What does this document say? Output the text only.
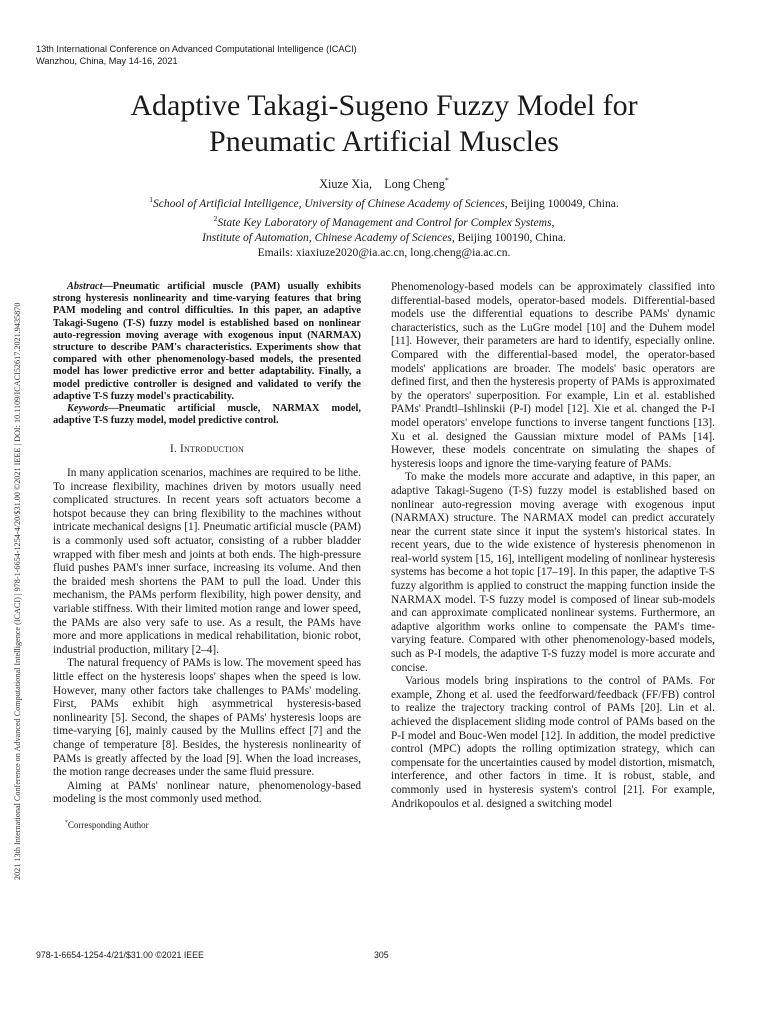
13th International Conference on Advanced Computational Intelligence (ICACI)
Wanzhou, China, May 14-16, 2021
Adaptive Takagi-Sugeno Fuzzy Model for
Pneumatic Artificial Muscles
Xiuze Xia, Long Cheng*
$^1$School of Artificial Intelligence, University of Chinese Academy of Sciences, Beijing 100049, China.
$^2$State Key Laboratory of Management and Control for Complex Systems,
Institute of Automation, Chinese Academy of Sciences, Beijing 100190, China.
Emails: xiaxiuze2020@ia.ac.cn, long.cheng@ia.ac.cn.
2021 13th International Conference on Advanced Computational Intelligence (ICACI) | 978-1-6654-1254-4/20/$31.00 ©2021 IEEE | DOI: 10.1109/ICACI52617.2021.9435870

Abstract—Pneumatic artificial muscle (PAM) usually exhibits strong hysteresis nonlinearity and time-varying features that bring PAM modeling and control difficulties. In this paper, an adaptive Takagi-Sugeno (T-S) fuzzy model is established based on nonlinear auto-regression moving average with exogenous input (NARMAX) structure to describe PAM's characteristics. Experiments show that compared with other phenomenology-based models, the presented model has lower predictive error and better adaptability. Finally, a model predictive controller is designed and validated to verify the adaptive T-S fuzzy model's practicability.

Keywords—Pneumatic artificial muscle, NARMAX model, adaptive T-S fuzzy model, model predictive control.

I. Introduction

In many application scenarios, machines are required to be lithe. To increase flexibility, machines driven by motors usually need complicated structures. In recent years soft actuators become a hotspot because they can bring flexibility to the machines without intricate mechanical designs [1]. Pneumatic artificial muscle (PAM) is a commonly used soft actuator, consisting of a rubber bladder wrapped with fiber mesh and joints at both ends. The high-pressure fluid pushes PAM's inner surface, increasing its volume. And then the braided mesh shortens the PAM to pull the load. Under this mechanism, the PAMs perform flexibility, high power density, and variable stiffness. With their limited motion range and lower speed, the PAMs are also very safe to use. As a result, the PAMs have more and more applications in medical rehabilitation, bionic robot, industrial production, military [2–4].

The natural frequency of PAMs is low. The movement speed has little effect on the hysteresis loops' shapes when the speed is low. However, many other factors take challenges to PAMs' modeling. First, PAMs exhibit high asymmetrical hysteresis-based nonlinearity [5]. Second, the shapes of PAMs' hysteresis loops are time-varying [6], mainly caused by the Mullins effect [7] and the change of temperature [8]. Besides, the hysteresis nonlinearity of PAMs is greatly affected by the load [9]. When the load increases, the motion range decreases under the same fluid pressure.

Aiming at PAMs' nonlinear nature, phenomenology-based modeling is the most commonly used method.

*Corresponding Author

Phenomenology-based models can be approximately classified into differential-based models, operator-based models. Differential-based models use the differential equations to describe PAMs' dynamic characteristics, such as the LuGre model [10] and the Duhem model [11]. However, their parameters are hard to identify, especially online. Compared with the differential-based model, the operator-based models' applications are broader. The models' basic operators are defined first, and then the hysteresis property of PAMs is approximated by the operators' superposition. For example, Lin et al. established PAMs' Prandtl–Ishlinskii (P-I) model [12]. Xie et al. changed the P-I model operators' envelope functions to inverse tangent functions [13]. Xu et al. designed the Gaussian mixture model of PAMs [14]. However, these models concentrate on simulating the shapes of hysteresis loops and ignore the time-varying feature of PAMs.

To make the models more accurate and adaptive, in this paper, an adaptive Takagi-Sugeno (T-S) fuzzy model is established based on nonlinear auto-regression moving average with exogenous input (NARMAX) structure. The NARMAX model can predict accurately near the current state since it input the system's historical states. In recent years, due to the wide existence of hysteresis phenomenon in real-world system [15, 16], intelligent modeling of nonlinear hysteresis systems has become a hot topic [17–19]. In this paper, the adaptive T-S fuzzy algorithm is applied to construct the mapping function inside the NARMAX model. T-S fuzzy model is composed of linear sub-models and can approximate complicated nonlinear systems. Furthermore, an adaptive algorithm works online to compensate the PAM's time-varying feature. Compared with other phenomenology-based models, such as P-I models, the adaptive T-S fuzzy model is more accurate and concise.

Various models bring inspirations to the control of PAMs. For example, Zhong et al. used the feedforward/feedback (FF/FB) control to realize the trajectory tracking control of PAMs [20]. Lin et al. achieved the displacement sliding mode control of PAMs based on the P-I model and Bouc-Wen model [12]. In addition, the model predictive control (MPC) adopts the rolling optimization strategy, which can compensate for the uncertainties caused by model distortion, mismatch, interference, and other factors in time. It is robust, stable, and commonly used in hysteresis system's control [21]. For example, Andrikopoulos et al. designed a switching model

978-1-6654-1254-4/21/$31.00 ©2021 IEEE	305
